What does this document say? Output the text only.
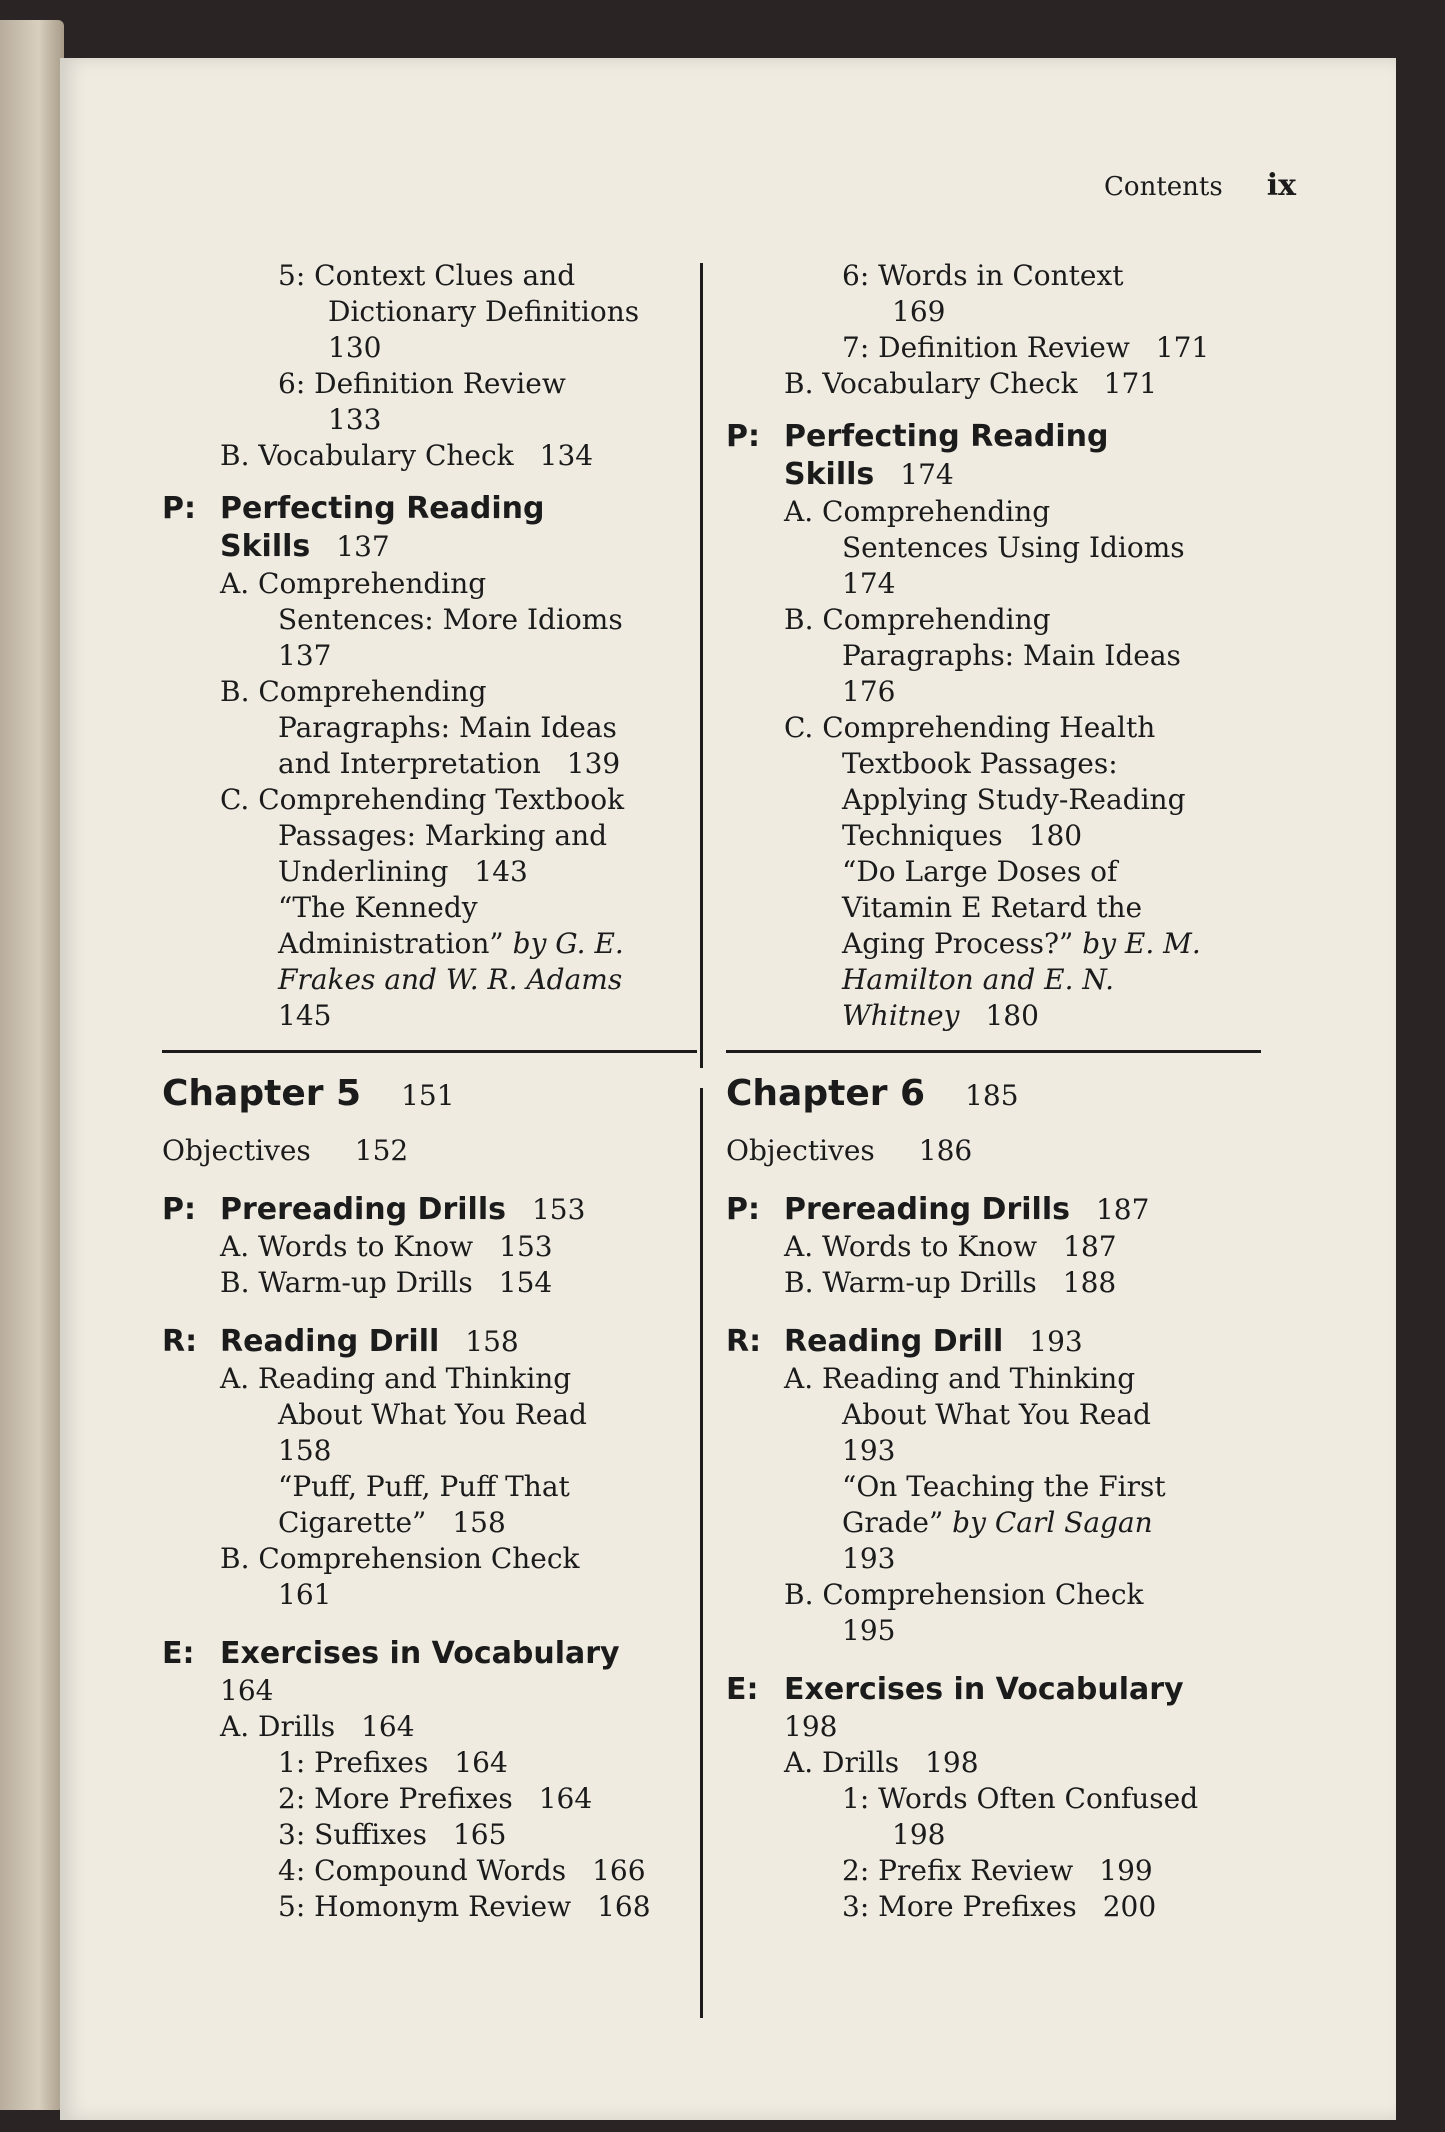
Contents ix
5: Context Clues and
Dictionary Definitions
130
6: Definition Review
133
B. Vocabulary Check 134
P: Perfecting Reading
Skills 137
A. Comprehending
Sentences: More Idioms
137
B. Comprehending
Paragraphs: Main Ideas
and Interpretation 139
C. Comprehending Textbook
Passages: Marking and
Underlining 143
“The Kennedy
Administration” by G. E.
Frakes and W. R. Adams
145
Chapter 5 151
Objectives 152
P: Prereading Drills 153
A. Words to Know 153
B. Warm-up Drills 154
R: Reading Drill 158
A. Reading and Thinking
About What You Read
158
“Puff, Puff, Puff That
Cigarette” 158
B. Comprehension Check
161
E: Exercises in Vocabulary
164
A. Drills 164
1: Prefixes 164
2: More Prefixes 164
3: Suffixes 165
4: Compound Words 166
5: Homonym Review 168
6: Words in Context
169
7: Definition Review 171
B. Vocabulary Check 171
P: Perfecting Reading
Skills 174
A. Comprehending
Sentences Using Idioms
174
B. Comprehending
Paragraphs: Main Ideas
176
C. Comprehending Health
Textbook Passages:
Applying Study-Reading
Techniques 180
“Do Large Doses of
Vitamin E Retard the
Aging Process?” by E. M.
Hamilton and E. N.
Whitney 180
Chapter 6 185
Objectives 186
P: Prereading Drills 187
A. Words to Know 187
B. Warm-up Drills 188
R: Reading Drill 193
A. Reading and Thinking
About What You Read
193
“On Teaching the First
Grade” by Carl Sagan
193
B. Comprehension Check
195
E: Exercises in Vocabulary
198
A. Drills 198
1: Words Often Confused
198
2: Prefix Review 199
3: More Prefixes 200
